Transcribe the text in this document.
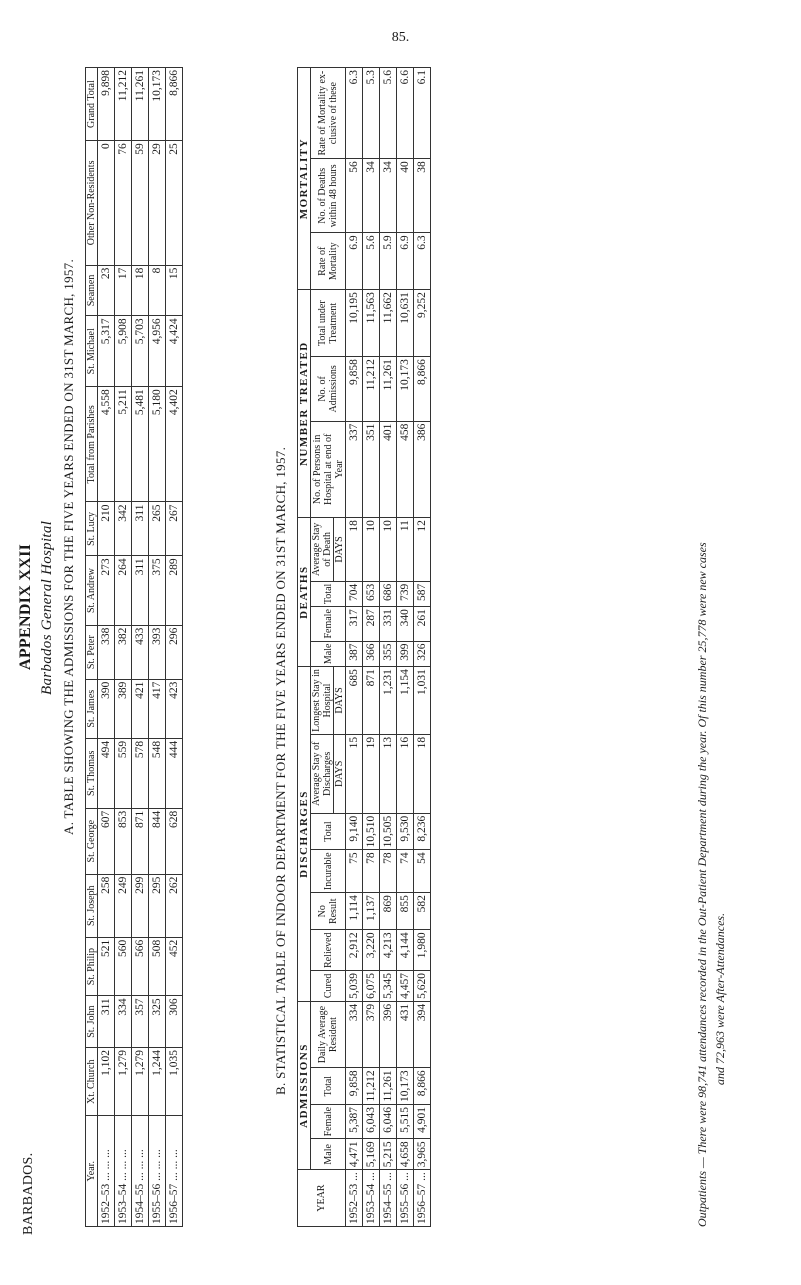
85.
BARBADOS.
APPENDIX XXII Barbados General Hospital A. TABLE SHOWING THE ADMISSIONS FOR THE FIVE YEARS ENDED ON 31ST MARCH, 1957.
Year.	Xt. Church	St. John	St. Philip	St. Joseph	St. George	St. Thomas	St. James	St. Peter	St. Andrew	St. Lucy	Total from Parishes	St. Michael	Seamen	Other Non-Residents	Grand Total
1952–53 ... ... ...	1,102	311	521	258	607	494	390	338	273	210	4,558	5,317	23	0	9,898
1953–54 ... ... ...	1,279	334	560	249	853	559	389	382	264	342	5,211	5,908	17	76	11,212
1954–55 ... ... ...	1,279	357	566	299	871	578	421	433	311	311	5,481	5,703	18	59	11,261
1955–56 ... ... ...	1,244	325	508	295	844	548	417	393	375	265	5,180	4,956	8	29	10,173
1956–57 ... ... ...	1,035	306	452	262	628	444	423	296	289	267	4,402	4,424	15	25	8,866
B. STATISTICAL TABLE OF INDOOR DEPARTMENT FOR THE FIVE YEARS ENDED ON 31ST MARCH, 1957.
YEAR	ADMISSIONS				DISCHARGES							DEATHS				NUMBER TREATED			MORTALITY		
	Male	Female	Total	Daily Average Resident	Cured	Relieved	No Result	Incurable	Total	Average Stay of Discharges	Longest Stay in Hospital	Male	Female	Total	Average Stay of Death	No. of Persons in Hospital at end of Year	No. of Admissions	Total under Treatment	Rate of Mortality	No. of Deaths within 48 hours	Rate of Mortality ex-clusive of these
										DAYS	DAYS				DAYS						
1952–53 ...	4,471	5,387	9,858	334	5,039	2,912	1,114	75	9,140	15	685	387	317	704	18	337	9,858	10,195	6.9	56	6.3
1953–54 ...	5,169	6,043	11,212	379	6,075	3,220	1,137	78	10,510	19	871	366	287	653	10	351	11,212	11,563	5.6	34	5.3
1954–55 ...	5,215	6,046	11,261	396	5,345	4,213	869	78	10,505	13	1,231	355	331	686	10	401	11,261	11,662	5.9	34	5.6
1955–56 ...	4,658	5,515	10,173	431	4,457	4,144	855	74	9,530	16	1,154	399	340	739	11	458	10,173	10,631	6.9	40	6.6
1956–57 ...	3,965	4,901	8,866	394	5,620	1,980	582	54	8,236	18	1,031	326	261	587	12	386	8,866	9,252	6.3	38	6.1
Outpatients — There were 98,741 attendances recorded in the Out-Patient Department during the year. Of this number 25,778 were new cases and 72,963 were After-Attendances.
